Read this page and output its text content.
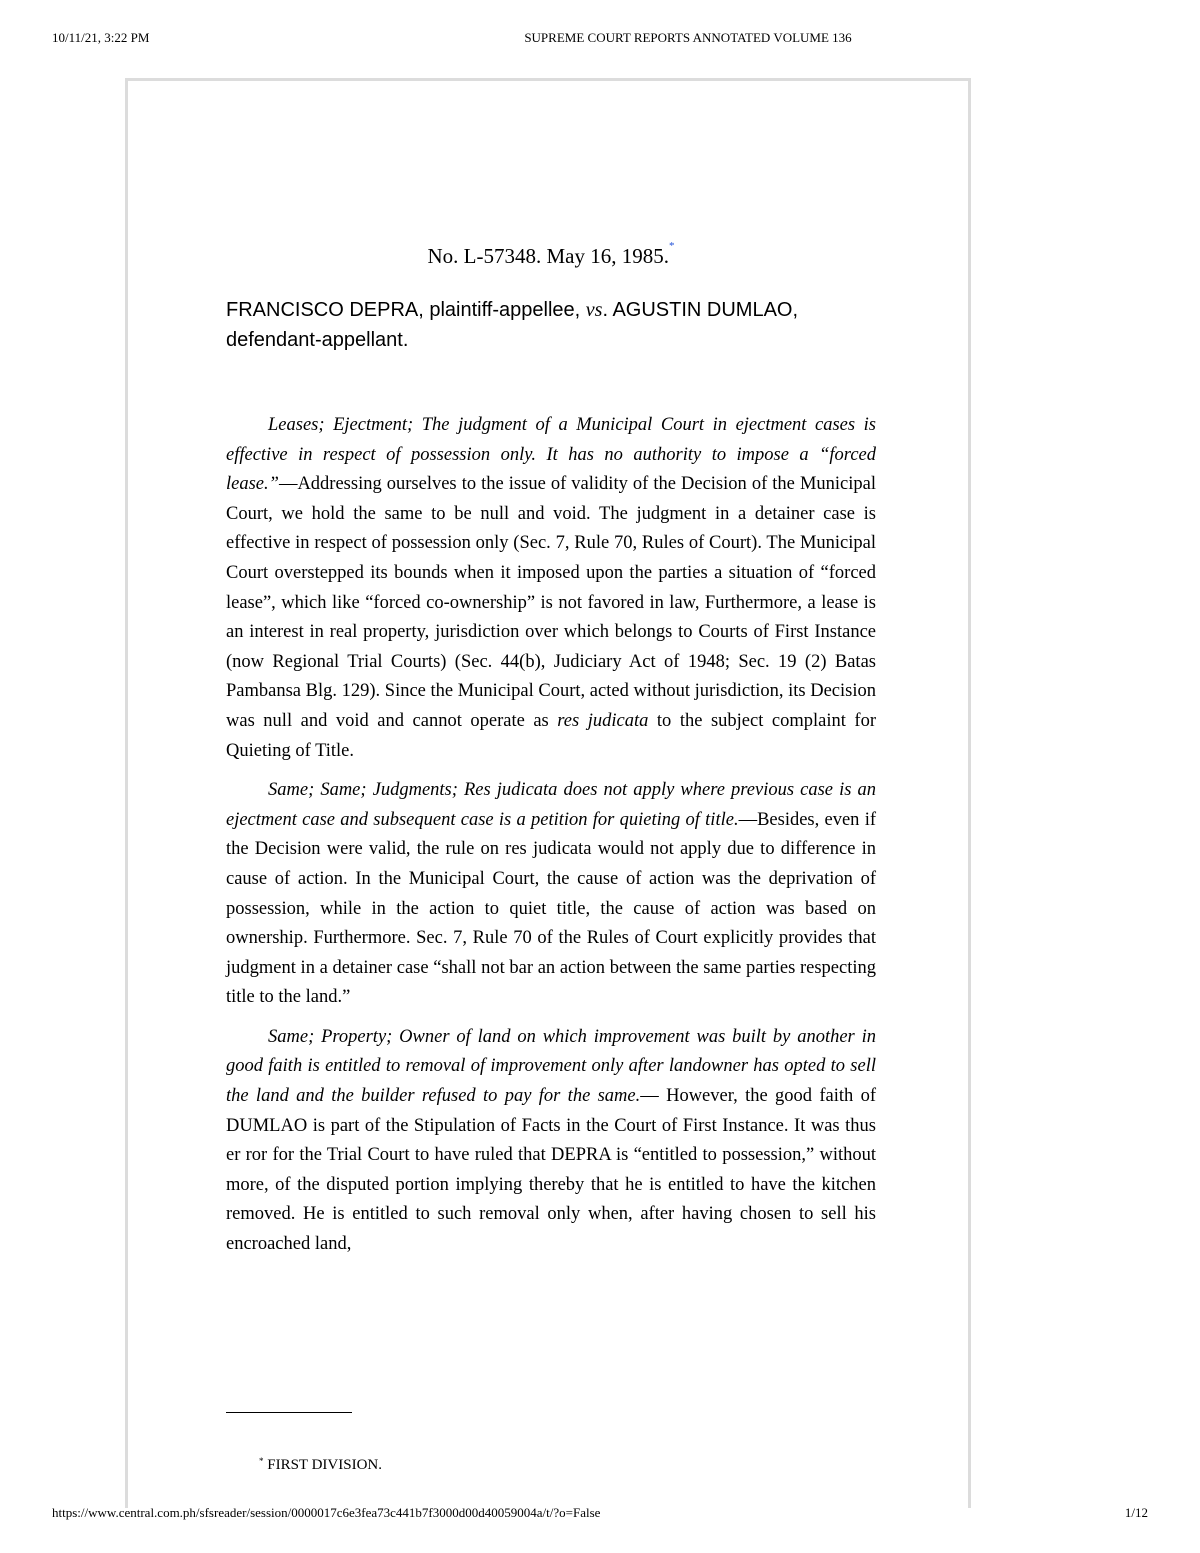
10/11/21, 3:22 PM	SUPREME COURT REPORTS ANNOTATED VOLUME 136

No. L-57348. May 16, 1985.*

FRANCISCO DEPRA, plaintiff-appellee, vs. AGUSTIN DUMLAO, defendant-appellant.

Leases; Ejectment; The judgment of a Municipal Court in ejectment cases is effective in respect of possession only. It has no authority to impose a “forced lease.”—Addressing ourselves to the issue of validity of the Decision of the Municipal Court, we hold the same to be null and void. The judgment in a detainer case is effective in respect of possession only (Sec. 7, Rule 70, Rules of Court). The Municipal Court overstepped its bounds when it imposed upon the parties a situation of “forced lease”, which like “forced co-ownership” is not favored in law, Furthermore, a lease is an interest in real property, jurisdiction over which belongs to Courts of First Instance (now Regional Trial Courts) (Sec. 44(b), Judiciary Act of 1948; Sec. 19 (2) Batas Pambansa Blg. 129). Since the Municipal Court, acted without jurisdiction, its Decision was null and void and cannot operate as res judicata to the subject complaint for Quieting of Title.

Same; Same; Judgments; Res judicata does not apply where previous case is an ejectment case and subsequent case is a petition for quieting of title.—Besides, even if the Decision were valid, the rule on res judicata would not apply due to difference in cause of action. In the Municipal Court, the cause of action was the deprivation of possession, while in the action to quiet title, the cause of action was based on ownership. Furthermore. Sec. 7, Rule 70 of the Rules of Court explicitly provides that judgment in a detainer case “shall not bar an action between the same parties respecting title to the land.”

Same; Property; Owner of land on which improvement was built by another in good faith is entitled to removal of improvement only after landowner has opted to sell the land and the builder refused to pay for the same.— However, the good faith of DUMLAO is part of the Stipulation of Facts in the Court of First Instance. It was thus er ror for the Trial Court to have ruled that DEPRA is “entitled to possession,” without more, of the disputed portion implying thereby that he is entitled to have the kitchen removed. He is entitled to such removal only when, after having chosen to sell his encroached land,

* FIRST DIVISION.
https://www.central.com.ph/sfsreader/session/0000017c6e3fea73c441b7f3000d00d40059004a/t/?o=False	1/12
